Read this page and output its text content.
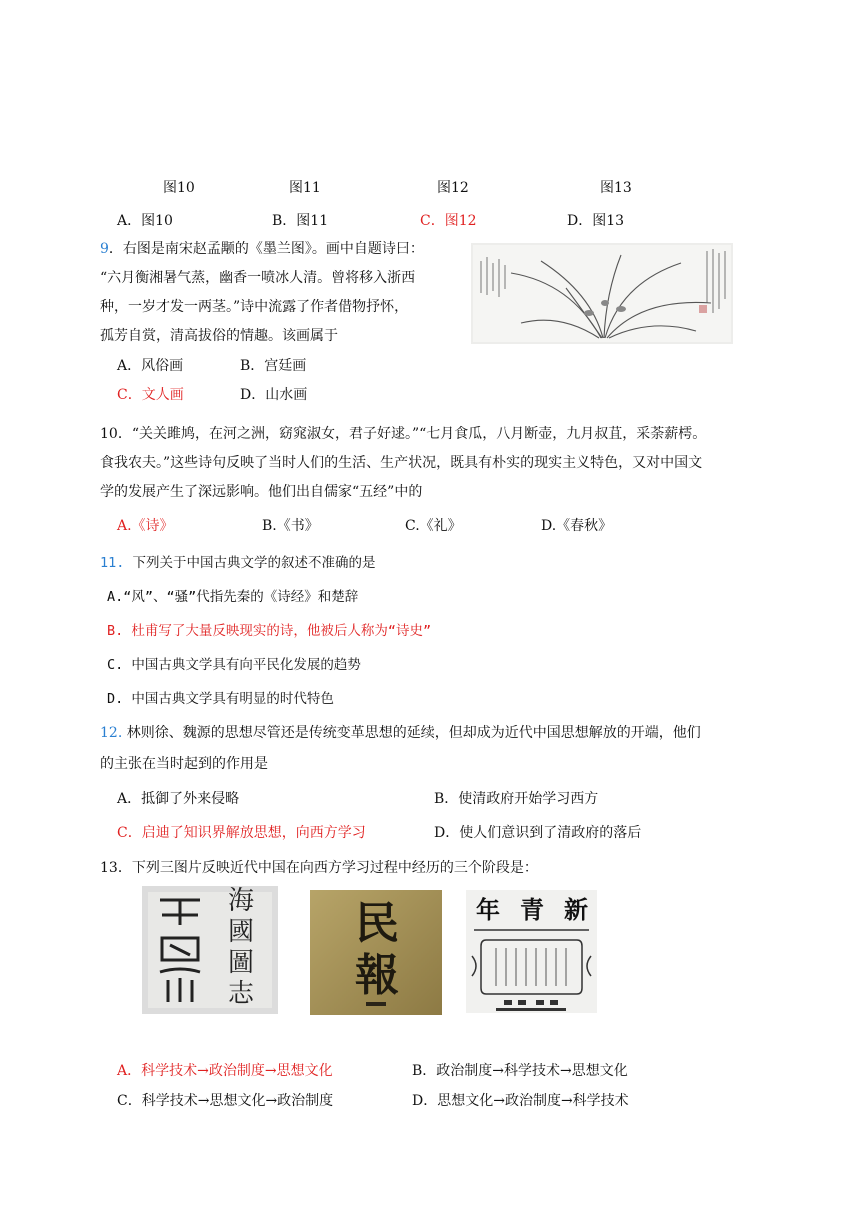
图10	图11	图12	图13
A．图10	B．图11	C．图12	D．图13
9．右图是南宋赵孟颙的《墨兰图》。画中自题诗曰：
“六月衡湘暑气蒸，幽香一喷冰人清。曾将移入浙西
种，一岁才发一两茎。”诗中流露了作者借物抒怀，
孤芳自赏，清高拔俗的情趣。该画属于
A．风俗画	B．宫廷画
C．文人画	D．山水画
10．“关关雎鸠，在河之洲，窈窕淑女，君子好逑。”“七月食瓜，八月断壶，九月叔苴，采荼薪樗。
食我农夫。”这些诗句反映了当时人们的生活、生产状况，既具有朴实的现实主义特色，又对中国文
学的发展产生了深远影响。他们出自儒家“五经”中的
A.《诗》	B.《书》	C.《礼》	D.《春秋》
11. 下列关于中国古典文学的叙述不准确的是
A.“风”、“骚”代指先秦的《诗经》和楚辞
B. 杜甫写了大量反映现实的诗，他被后人称为“诗史”
C. 中国古典文学具有向平民化发展的趋势
D. 中国古典文学具有明显的时代特色
12. 林则徐、魏源的思想尽管还是传统变革思想的延续，但却成为近代中国思想解放的开端，他们
的主张在当时起到的作用是
A．抵御了外来侵略	B．使清政府开始学习西方
C．启迪了知识界解放思想，向西方学习	D．使人们意识到了清政府的落后
13．下列三图片反映近代中国在向西方学习过程中经历的三个阶段是：
海
國
圖
志
民
報
新
青
年
A．科学技术→政治制度→思想文化	B．政治制度→科学技术→思想文化
C．科学技术→思想文化→政治制度	D．思想文化→政治制度→科学技术
